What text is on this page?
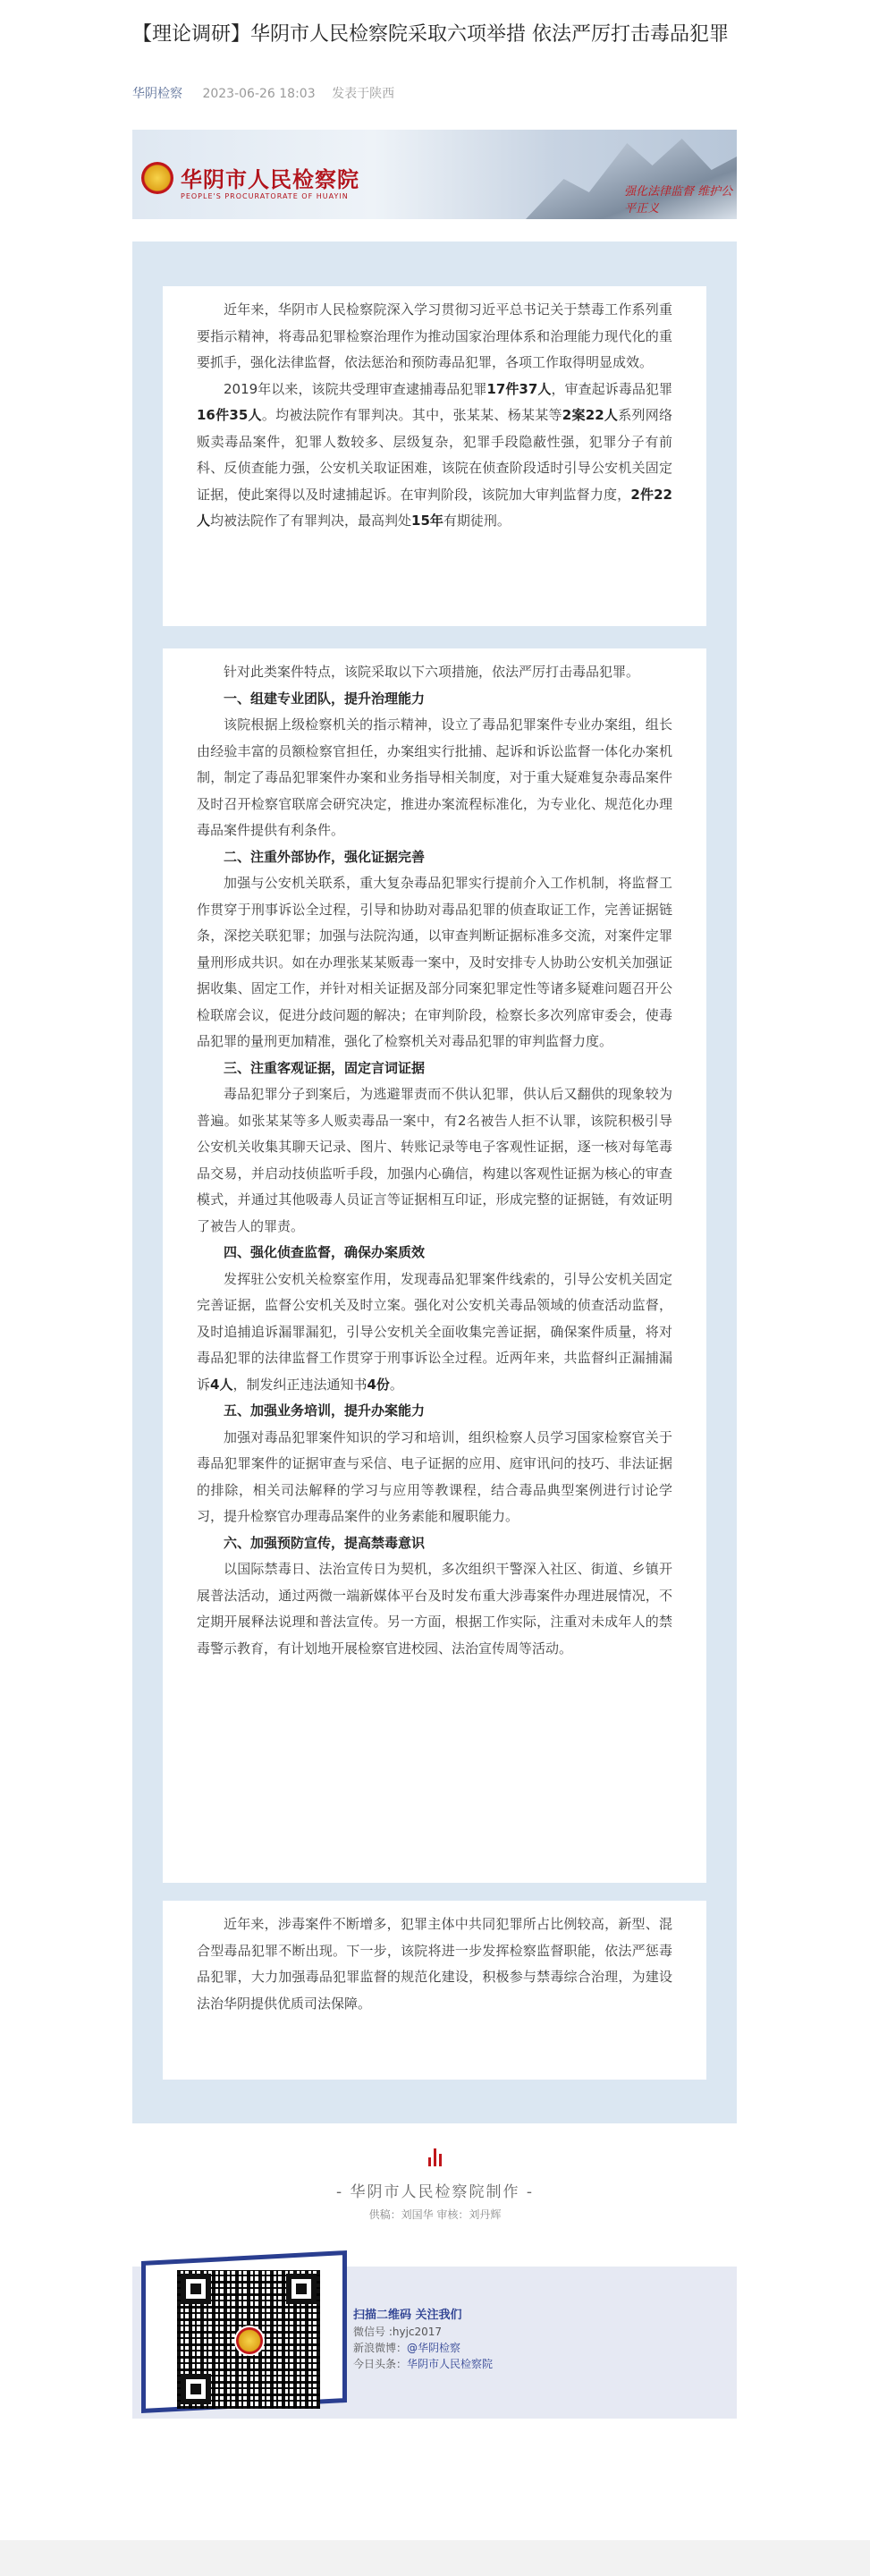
【理论调研】华阴市人民检察院采取六项举措 依法严厉打击毒品犯罪
华阴检察 2023-06-26 18:03 发表于陕西
华阴市人民检察院
PEOPLE'S PROCURATORATE OF HUAYIN	强化法律监督 维护公平正义

近年来，华阴市人民检察院深入学习贯彻习近平总书记关于禁毒工作系列重要指示精神，将毒品犯罪检察治理作为推动国家治理体系和治理能力现代化的重要抓手，强化法律监督，依法惩治和预防毒品犯罪，各项工作取得明显成效。

2019年以来，该院共受理审查逮捕毒品犯罪17件37人，审查起诉毒品犯罪16件35人。均被法院作有罪判决。其中，张某某、杨某某等2案22人系列网络贩卖毒品案件，犯罪人数较多、层级复杂，犯罪手段隐蔽性强，犯罪分子有前科、反侦查能力强，公安机关取证困难，该院在侦查阶段适时引导公安机关固定证据，使此案得以及时逮捕起诉。在审判阶段，该院加大审判监督力度，2件22人均被法院作了有罪判决，最高判处15年有期徒刑。

针对此类案件特点，该院采取以下六项措施，依法严厉打击毒品犯罪。

一、组建专业团队，提升治理能力

该院根据上级检察机关的指示精神，设立了毒品犯罪案件专业办案组，组长由经验丰富的员额检察官担任，办案组实行批捕、起诉和诉讼监督一体化办案机制，制定了毒品犯罪案件办案和业务指导相关制度，对于重大疑难复杂毒品案件及时召开检察官联席会研究决定，推进办案流程标准化，为专业化、规范化办理毒品案件提供有利条件。

二、注重外部协作，强化证据完善

加强与公安机关联系，重大复杂毒品犯罪实行提前介入工作机制，将监督工作贯穿于刑事诉讼全过程，引导和协助对毒品犯罪的侦查取证工作，完善证据链条，深挖关联犯罪；加强与法院沟通，以审查判断证据标准多交流，对案件定罪量刑形成共识。如在办理张某某贩毒一案中，及时安排专人协助公安机关加强证据收集、固定工作，并针对相关证据及部分同案犯罪定性等诸多疑难问题召开公检联席会议，促进分歧问题的解决；在审判阶段，检察长多次列席审委会，使毒品犯罪的量刑更加精准，强化了检察机关对毒品犯罪的审判监督力度。

三、注重客观证据，固定言词证据

毒品犯罪分子到案后，为逃避罪责而不供认犯罪，供认后又翻供的现象较为普遍。如张某某等多人贩卖毒品一案中，有2名被告人拒不认罪，该院积极引导公安机关收集其聊天记录、图片、转账记录等电子客观性证据，逐一核对每笔毒品交易，并启动技侦监听手段，加强内心确信，构建以客观性证据为核心的审查模式，并通过其他吸毒人员证言等证据相互印证，形成完整的证据链，有效证明了被告人的罪责。

四、强化侦查监督，确保办案质效

发挥驻公安机关检察室作用，发现毒品犯罪案件线索的，引导公安机关固定完善证据，监督公安机关及时立案。强化对公安机关毒品领域的侦查活动监督，及时追捕追诉漏罪漏犯，引导公安机关全面收集完善证据，确保案件质量，将对毒品犯罪的法律监督工作贯穿于刑事诉讼全过程。近两年来，共监督纠正漏捕漏诉4人，制发纠正违法通知书4份。

五、加强业务培训，提升办案能力

加强对毒品犯罪案件知识的学习和培训，组织检察人员学习国家检察官关于毒品犯罪案件的证据审查与采信、电子证据的应用、庭审讯问的技巧、非法证据的排除，相关司法解释的学习与应用等教课程，结合毒品典型案例进行讨论学习，提升检察官办理毒品案件的业务素能和履职能力。

六、加强预防宣传，提高禁毒意识

以国际禁毒日、法治宣传日为契机，多次组织干警深入社区、街道、乡镇开展普法活动，通过两微一端新媒体平台及时发布重大涉毒案件办理进展情况，不定期开展释法说理和普法宣传。另一方面，根据工作实际，注重对未成年人的禁毒警示教育，有计划地开展检察官进校园、法治宣传周等活动。

近年来，涉毒案件不断增多，犯罪主体中共同犯罪所占比例较高，新型、混合型毒品犯罪不断出现。下一步，该院将进一步发挥检察监督职能，依法严惩毒品犯罪，大力加强毒品犯罪监督的规范化建设，积极参与禁毒综合治理，为建设法治华阴提供优质司法保障。

- 华阴市人民检察院制作 -
供稿：刘国华 审核：刘丹辉
扫描二维码 关注我们
微信号 :hyjc2017
新浪微博：@华阴检察
今日头条：华阴市人民检察院
